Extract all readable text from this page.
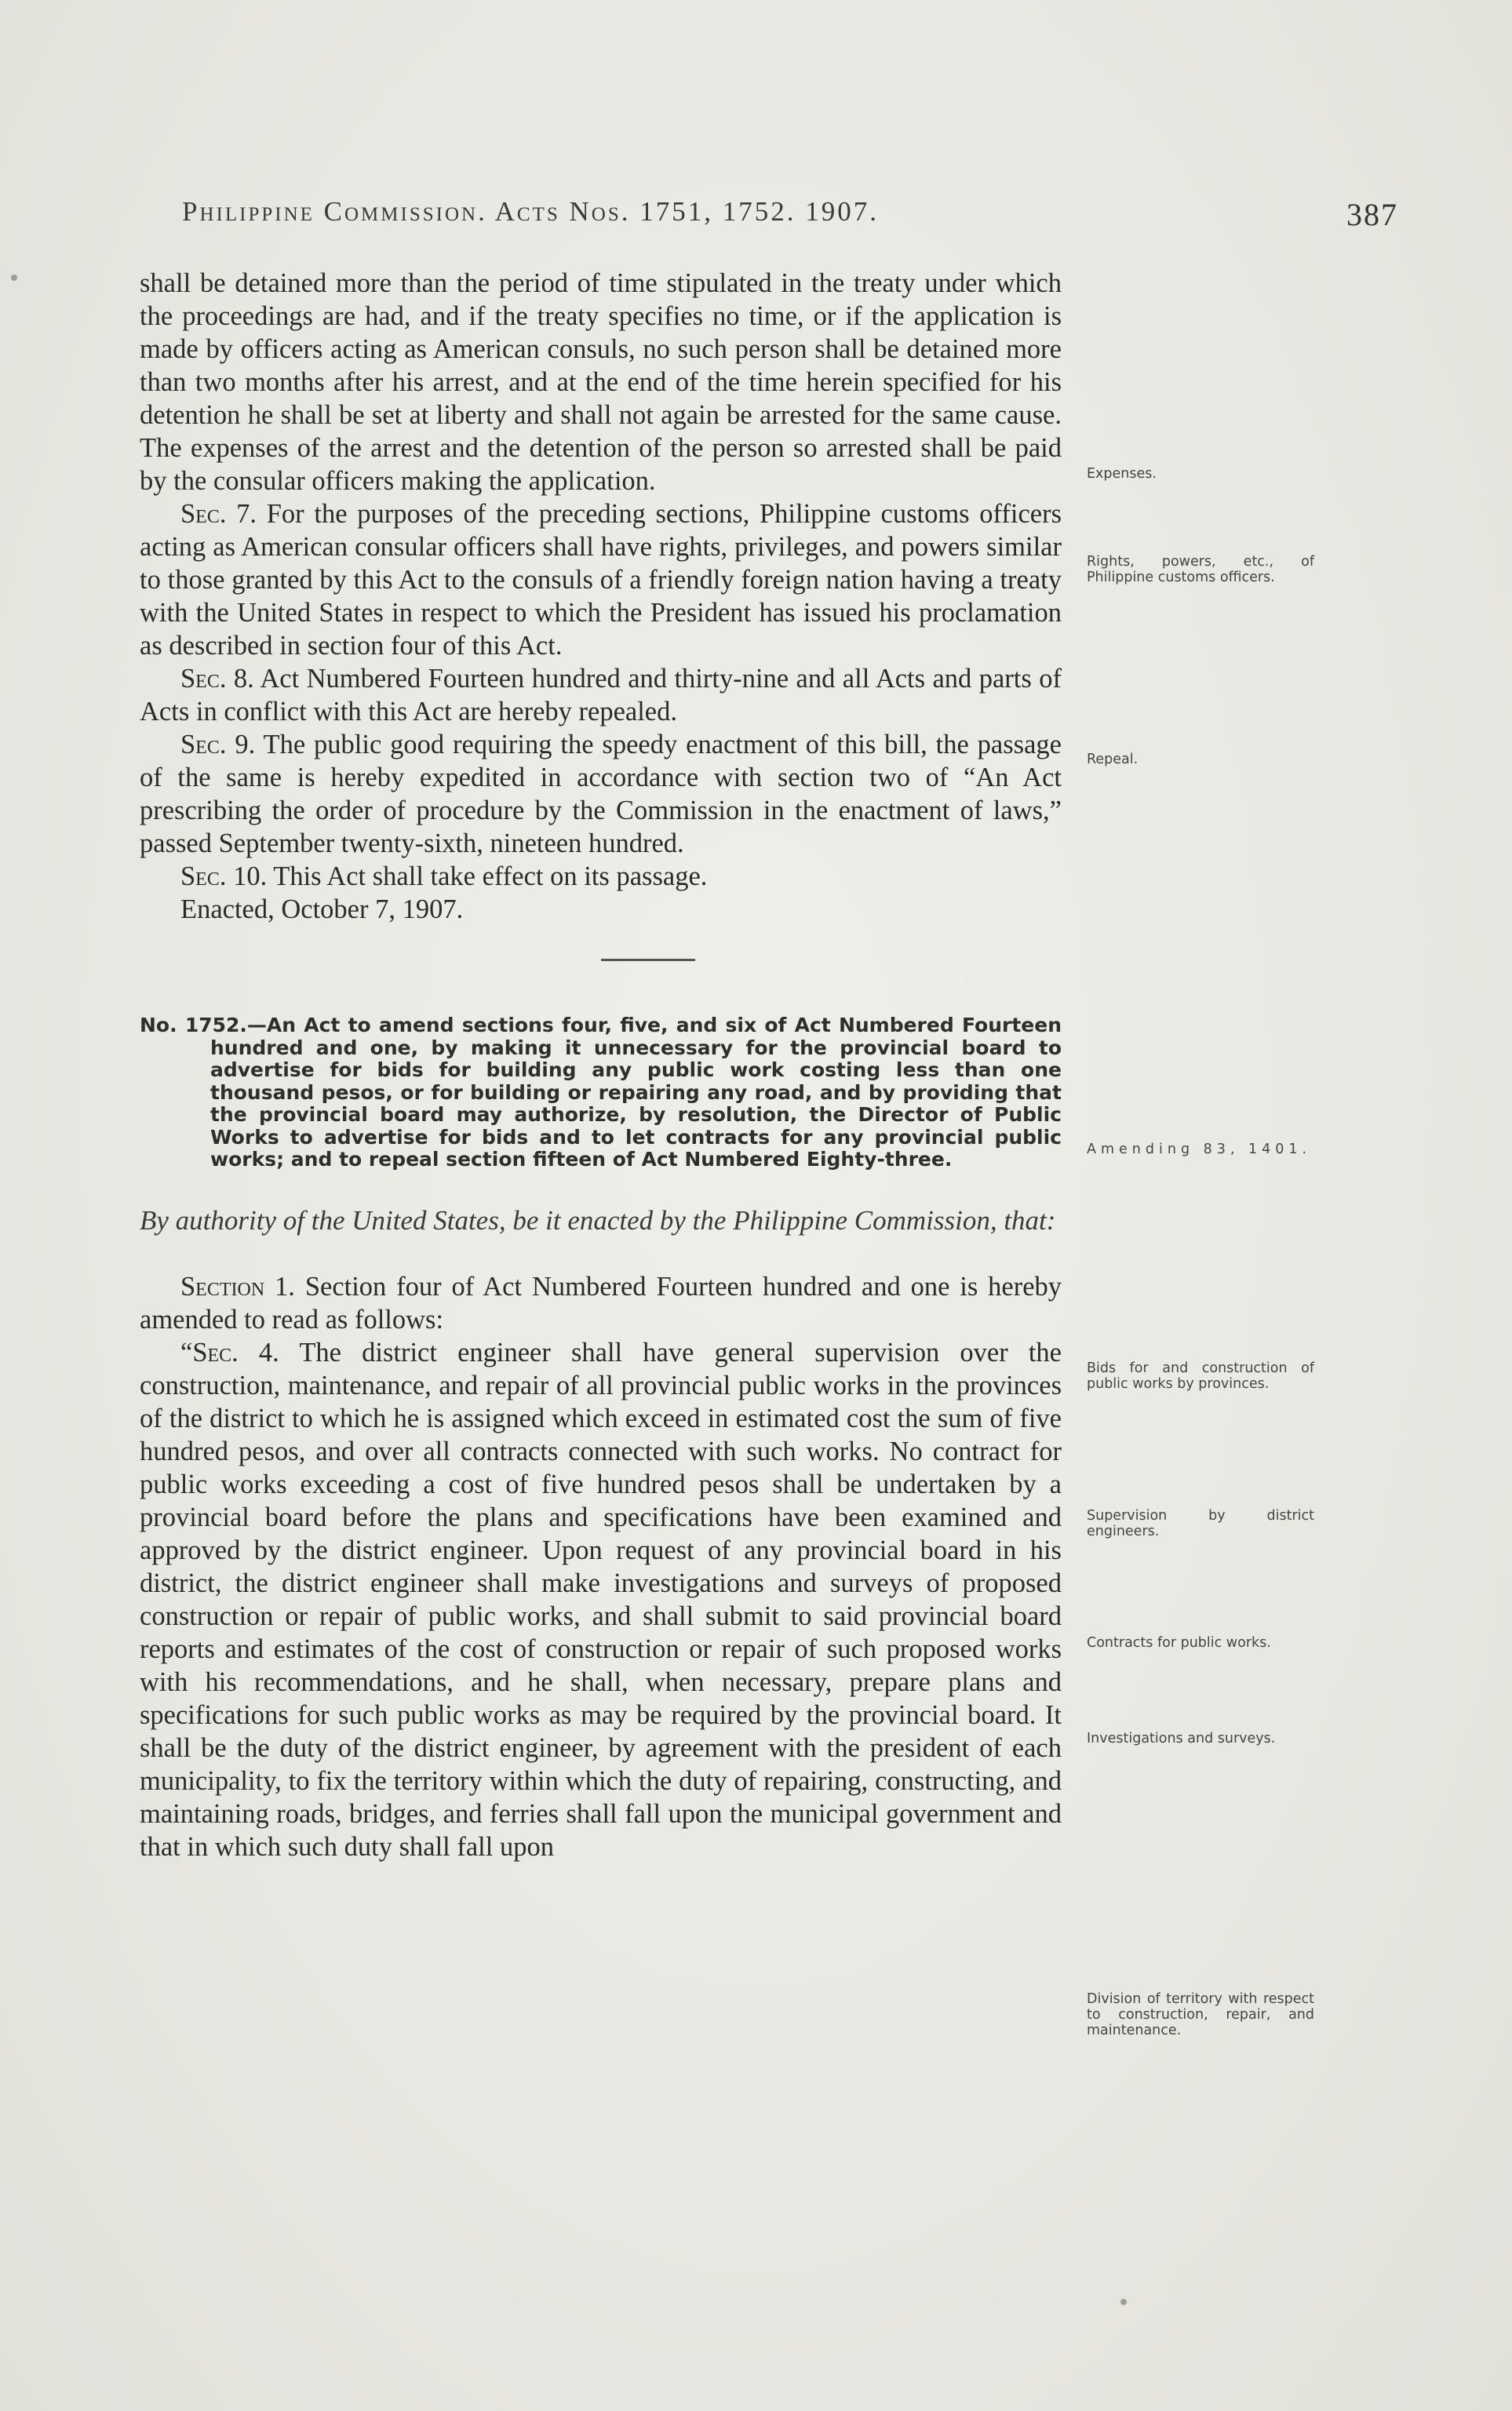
Philippine Commission. Acts Nos. 1751, 1752. 1907.	387

shall be detained more than the period of time stipulated in the treaty under which the proceedings are had, and if the treaty specifies no time, or if the application is made by officers acting as American consuls, no such person shall be detained more than two months after his arrest, and at the end of the time herein specified for his detention he shall be set at liberty and shall not again be arrested for the same cause. The expenses of the arrest and the detention of the person so arrested shall be paid by the consular officers making the application.

Sec. 7. For the purposes of the preceding sections, Philippine customs officers acting as American consular officers shall have rights, privileges, and powers similar to those granted by this Act to the consuls of a friendly foreign nation having a treaty with the United States in respect to which the President has issued his proclamation as described in section four of this Act.

Sec. 8. Act Numbered Fourteen hundred and thirty-nine and all Acts and parts of Acts in conflict with this Act are hereby repealed.

Sec. 9. The public good requiring the speedy enactment of this bill, the passage of the same is hereby expedited in accordance with section two of “An Act prescribing the order of procedure by the Commission in the enactment of laws,” passed September twenty-sixth, nineteen hundred.

Sec. 10. This Act shall take effect on its passage.

Enacted, October 7, 1907.

No. 1752.—An Act to amend sections four, five, and six of Act Numbered Fourteen hundred and one, by making it unnecessary for the provincial board to advertise for bids for building any public work costing less than one thousand pesos, or for building or repairing any road, and by providing that the provincial board may authorize, by resolution, the Director of Public Works to advertise for bids and to let contracts for any provincial public works; and to repeal section fifteen of Act Numbered Eighty-three.

By authority of the United States, be it enacted by the Philippine Commission, that:

Section 1. Section four of Act Numbered Fourteen hundred and one is hereby amended to read as follows:

“Sec. 4. The district engineer shall have general supervision over the construction, maintenance, and repair of all provincial public works in the provinces of the district to which he is assigned which exceed in estimated cost the sum of five hundred pesos, and over all contracts connected with such works. No contract for public works exceeding a cost of five hundred pesos shall be undertaken by a provincial board before the plans and specifications have been examined and approved by the district engineer. Upon request of any provincial board in his district, the district engineer shall make investigations and surveys of proposed construction or repair of public works, and shall submit to said provincial board reports and estimates of the cost of construction or repair of such proposed works with his recommendations, and he shall, when necessary, prepare plans and specifications for such public works as may be required by the provincial board. It shall be the duty of the district engineer, by agreement with the president of each municipality, to fix the territory within which the duty of repairing, constructing, and maintaining roads, bridges, and ferries shall fall upon the municipal government and that in which such duty shall fall upon

Expenses.
Rights, powers, etc., of Philippine customs officers.
Repeal.
Amending 83, 1401.
Bids for and construction of public works by provinces.
Supervision by district engineers.
Contracts for public works.
Investigations and surveys.
Division of territory with respect to construction, repair, and maintenance.
